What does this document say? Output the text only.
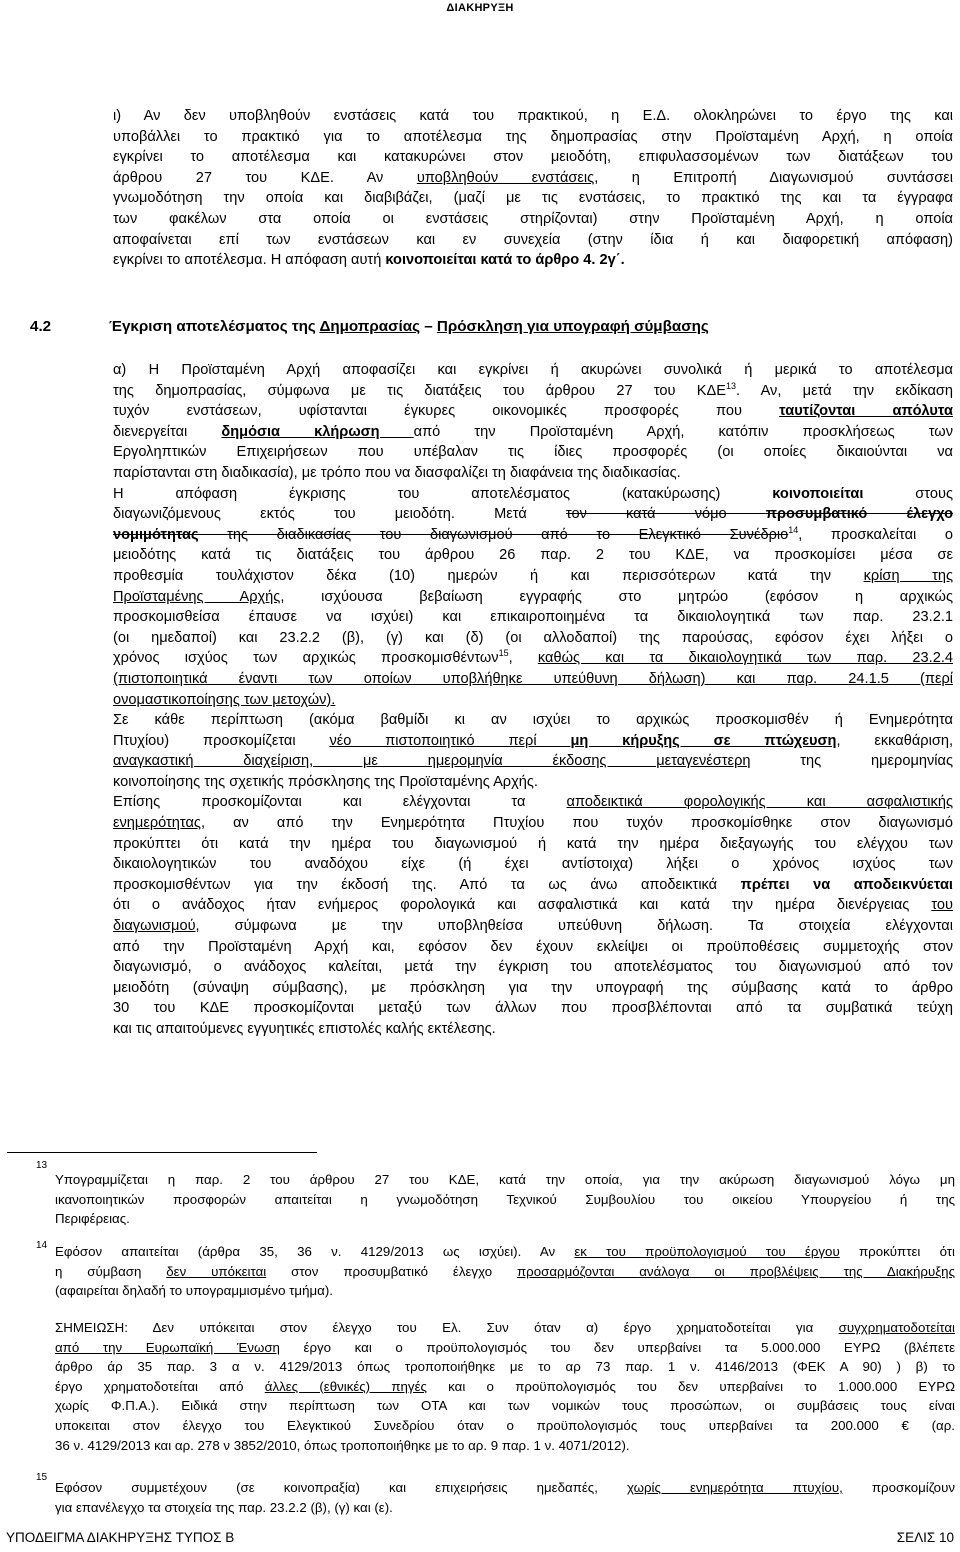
ΔΙΑΚΗΡΥΞΗ
ι) Αν δεν υποβληθούν ενστάσεις κατά του πρακτικού, η Ε.Δ. ολοκληρώνει το έργο της και
υποβάλλει το πρακτικό για το αποτέλεσμα της δημοπρασίας στην Προϊσταμένη Αρχή, η οποία
εγκρίνει το αποτέλεσμα και κατακυρώνει στον μειοδότη, επιφυλασσομένων των διατάξεων του
άρθρου 27 του ΚΔΕ. Αν υποβληθούν ενστάσεις, η Επιτροπή Διαγωνισμού συντάσσει
γνωμοδότηση την οποία και διαβιβάζει, (μαζί με τις ενστάσεις, το πρακτικό της και τα έγγραφα
των φακέλων στα οποία οι ενστάσεις στηρίζονται) στην Προϊσταμένη Αρχή, η οποία
αποφαίνεται επί των ενστάσεων και εν συνεχεία (στην ίδια ή και διαφορετική απόφαση)
εγκρίνει το αποτέλεσμα. Η απόφαση αυτή κοινοποιείται κατά το άρθρο 4. 2γ΄.
4.2	Έγκριση αποτελέσματος της Δημοπρασίας – Πρόσκληση για υπογραφή σύμβασης
α) Η Προϊσταμένη Αρχή αποφασίζει και εγκρίνει ή ακυρώνει συνολικά ή μερικά το αποτέλεσμα
της δημοπρασίας, σύμφωνα με τις διατάξεις του άρθρου 27 του ΚΔΕ$^{13}$. Αν, μετά την εκδίκαση
τυχόν ενστάσεων, υφίστανται έγκυρες οικονομικές προσφορές που ταυτίζονται απόλυτα
διενεργείται δημόσια κλήρωση από την Προϊσταμένη Αρχή, κατόπιν προσκλήσεως των
Εργοληπτικών Επιχειρήσεων που υπέβαλαν τις ίδιες προσφορές (οι οποίες δικαιούνται να
παρίστανται στη διαδικασία), με τρόπο που να διασφαλίζει τη διαφάνεια της διαδικασίας.
Η απόφαση έγκρισης του αποτελέσματος (κατακύρωσης) κοινοποιείται στους
διαγωνιζόμενους εκτός του μειοδότη. Μετά τον κατά νόμο προσυμβατικό έλεγχο
νομιμότητας της διαδικασίας του διαγωνισμού από το Ελεγκτικό Συνέδριο$^{14}$, προσκαλείται ο
μειοδότης κατά τις διατάξεις του άρθρου 26 παρ. 2 του ΚΔΕ, να προσκομίσει μέσα σε
προθεσμία τουλάχιστον δέκα (10) ημερών ή και περισσότερων κατά την κρίση της
Προϊσταμένης Αρχής, ισχύουσα βεβαίωση εγγραφής στο μητρώο (εφόσον η αρχικώς
προσκομισθείσα έπαυσε να ισχύει) και επικαιροποιημένα τα δικαιολογητικά των παρ. 23.2.1
(οι ημεδαποί) και 23.2.2 (β), (γ) και (δ) (οι αλλοδαποί) της παρούσας, εφόσον έχει λήξει ο
χρόνος ισχύος των αρχικώς προσκομισθέντων$^{15}$, καθώς και τα δικαιολογητικά των παρ. 23.2.4
(πιστοποιητικά έναντι των οποίων υποβλήθηκε υπεύθυνη δήλωση) και παρ. 24.1.5 (περί
ονομαστικοποίησης των μετοχών).
Σε κάθε περίπτωση (ακόμα βαθμίδι κι αν ισχύει το αρχικώς προσκομισθέν ή Ενημερότητα
Πτυχίου) προσκομίζεται νέο πιστοποιητικό περί μη κήρυξης σε πτώχευση, εκκαθάριση,
αναγκαστική διαχείριση, με ημερομηνία έκδοσης μεταγενέστερη της ημερομηνίας
κοινοποίησης της σχετικής πρόσκλησης της Προϊσταμένης Αρχής.
Επίσης προσκομίζονται και ελέγχονται τα αποδεικτικά φορολογικής και ασφαλιστικής
ενημερότητας, αν από την Ενημερότητα Πτυχίου που τυχόν προσκομίσθηκε στον διαγωνισμό
προκύπτει ότι κατά την ημέρα του διαγωνισμού ή κατά την ημέρα διεξαγωγής του ελέγχου των
δικαιολογητικών του αναδόχου είχε (ή έχει αντίστοιχα) λήξει ο χρόνος ισχύος των
προσκομισθέντων για την έκδοσή της. Από τα ως άνω αποδεικτικά πρέπει να αποδεικνύεται
ότι ο ανάδοχος ήταν ενήμερος φορολογικά και ασφαλιστικά και κατά την ημέρα διενέργειας του
διαγωνισμού, σύμφωνα με την υποβληθείσα υπεύθυνη δήλωση. Τα στοιχεία ελέγχονται
από την Προϊσταμένη Αρχή και, εφόσον δεν έχουν εκλείψει οι προϋποθέσεις συμμετοχής στον
διαγωνισμό, ο ανάδοχος καλείται, μετά την έγκριση του αποτελέσματος του διαγωνισμού από τον
μειοδότη (σύναψη σύμβασης), με πρόσκληση για την υπογραφή της σύμβασης κατά το άρθρο
30 του ΚΔΕ προσκομίζονται μεταξύ των άλλων που προσβλέπονται από τα συμβατικά τεύχη
και τις απαιτούμενες εγγυητικές επιστολές καλής εκτέλεσης.
13
Υπογραμμίζεται η παρ. 2 του άρθρου 27 του ΚΔΕ, κατά την οποία, για την ακύρωση διαγωνισμού λόγω μη
ικανοποιητικών προσφορών απαιτείται η γνωμοδότηση Τεχνικού Συμβουλίου του οικείου Υπουργείου ή της
Περιφέρειας.
14 Εφόσον απαιτείται (άρθρα 35, 36 ν. 4129/2013 ως ισχύει). Αν εκ του προϋπολογισμού του έργου προκύπτει ότι
η σύμβαση δεν υπόκειται στον προσυμβατικό έλεγχο προσαρμόζονται ανάλογα οι προβλέψεις της Διακήρυξης
(αφαιρείται δηλαδή το υπογραμμισμένο τμήμα).
ΣΗΜΕΙΩΣΗ: Δεν υπόκειται στον έλεγχο του Ελ. Συν όταν α) έργο χρηματοδοτείται για συγχρηματοδοτείται
από την Ευρωπαϊκή Ένωση έργο και ο προϋπολογισμός του δεν υπερβαίνει τα 5.000.000 ΕΥΡΩ (βλέπετε
άρθρο άρ 35 παρ. 3 α ν. 4129/2013 όπως τροποποιήθηκε με το αρ 73 παρ. 1 ν. 4146/2013 (ΦΕΚ Α 90) ) β) το
έργο χρηματοδοτείται από άλλες (εθνικές) πηγές και ο προϋπολογισμός του δεν υπερβαίνει το 1.000.000 ΕΥΡΩ
χωρίς Φ.Π.Α.). Ειδικά στην περίπτωση των ΟΤΑ και των νομικών τους προσώπων, οι συμβάσεις τους είναι
υποκειται στον έλεγχο του Ελεγκτικού Συνεδρίου όταν ο προϋπολογισμός τους υπερβαίνει τα 200.000 € (αρ.
36 ν. 4129/2013 και αρ. 278 ν 3852/2010, όπως τροποποιήθηκε με το αρ. 9 παρ. 1 ν. 4071/2012).
15
Εφόσον συμμετέχουν (σε κοινοπραξία) και επιχειρήσεις ημεδαπές, χωρίς ενημερότητα πτυχίου, προσκομίζουν
για επανέλεγχο τα στοιχεία της παρ. 23.2.2 (β), (γ) και (ε).
ΥΠΟΔΕΙΓΜΑ ΔΙΑΚΗΡΥΞΗΣ ΤΥΠΟΣ Β	ΣΕΛΙΣ 10
